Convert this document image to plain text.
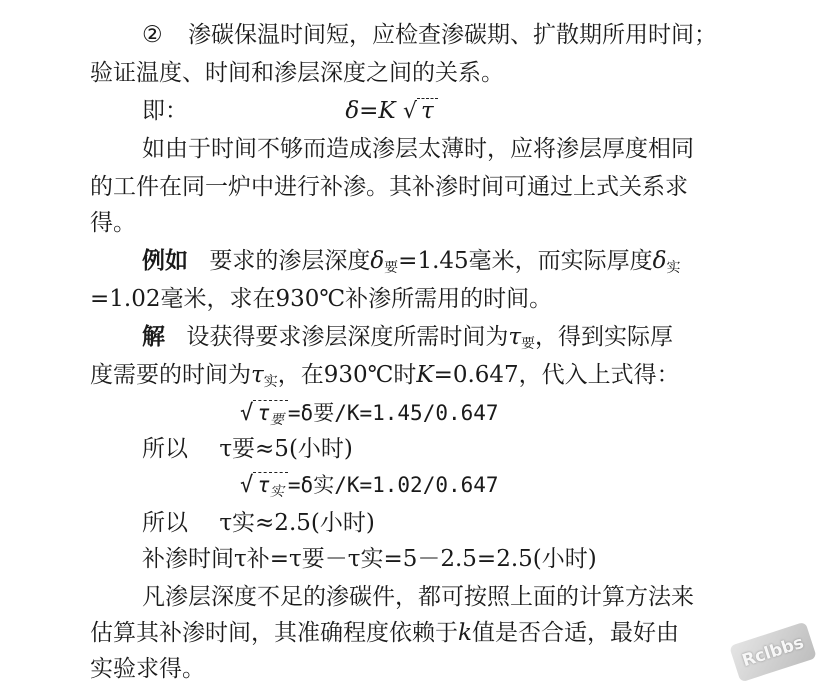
② 渗碳保温时间短，应检查渗碳期、扩散期所用时间；
验证温度、时间和渗层深度之间的关系。
即：	δ=K √ τ
如由于时间不够而造成渗层太薄时，应将渗层厚度相同
的工件在同一炉中进行补渗。其补渗时间可通过上式关系求
得。
例如 要求的渗层深度$\delta_要=1.45$毫米，而实际厚度$\delta_实$
=1.02毫米，求在930℃补渗所需用的时间。
解 设获得要求渗层深度所需时间为$\tau_要$，得到实际厚
度需要的时间为$\tau_实$，在930℃时K=0.647，代入上式得：
√ $\tau_要 =\delta$要/K=1.45/0.647
所以 τ要≈5(小时)
√ $\tau_实 =\delta$实/K=1.02/0.647
所以 τ实≈2.5(小时)
补渗时间τ补=τ要－τ实=5－2.5=2.5(小时)
凡渗层深度不足的渗碳件，都可按照上面的计算方法来
估算其补渗时间，其准确程度依赖于k值是否合适，最好由
实验求得。	Rclbbs
